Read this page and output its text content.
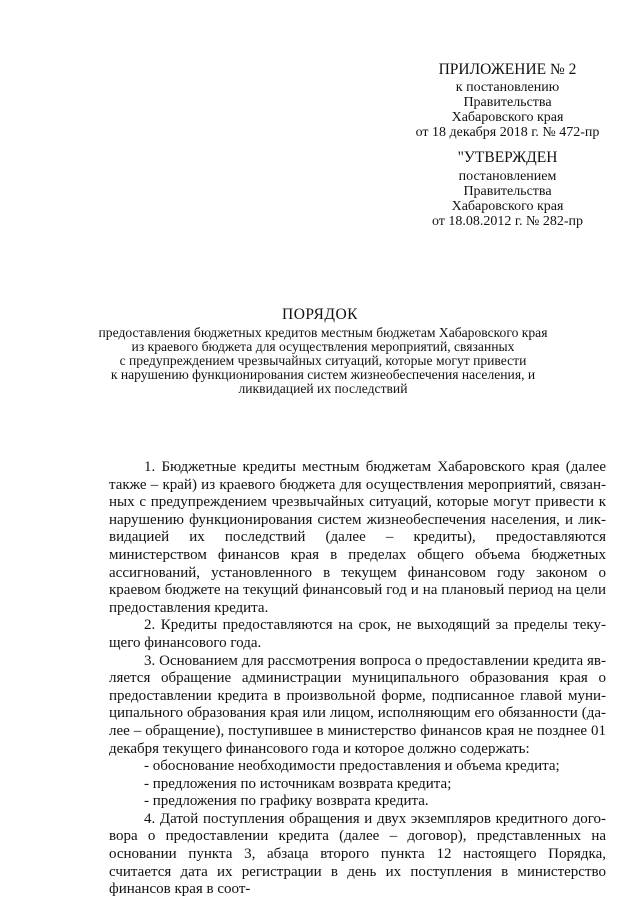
ПРИЛОЖЕНИЕ № 2
к постановлению
Правительства
Хабаровского края
от 18 декабря 2018 г. № 472-пр
"УТВЕРЖДЕН
постановлением
Правительства
Хабаровского края
от 18.08.2012 г. № 282-пр
ПОРЯДОК
предоставления бюджетных кредитов местным бюджетам Хабаровского края
из краевого бюджета для осуществления мероприятий, связанных
с предупреждением чрезвычайных ситуаций, которые могут привести
к нарушению функционирования систем жизнеобеспечения населения, и
ликвидацией их последствий

1. Бюджетные кредиты местным бюджетам Хабаровского края (далее также – край) из краевого бюджета для осуществления мероприятий, связанных с предупреждением чрезвычайных ситуаций, которые могут привести к нарушению функционирования систем жизнеобеспечения населения, и ликвидацией их последствий (далее – кредиты), предоставляются министерством финансов края в пределах общего объема бюджетных ассигнований, установленного в текущем финансовом году законом о краевом бюджете на текущий финансовый год и на плановый период на цели предоставления кредита.

2. Кредиты предоставляются на срок, не выходящий за пределы текущего финансового года.

3. Основанием для рассмотрения вопроса о предоставлении кредита является обращение администрации муниципального образования края о предоставлении кредита в произвольной форме, подписанное главой муниципального образования края или лицом, исполняющим его обязанности (далее – обращение), поступившее в министерство финансов края не позднее 01 декабря текущего финансового года и которое должно содержать:

- обоснование необходимости предоставления и объема кредита;

- предложения по источникам возврата кредита;

- предложения по графику возврата кредита.

4. Датой поступления обращения и двух экземпляров кредитного договора о предоставлении кредита (далее – договор), представленных на основании пункта 3, абзаца второго пункта 12 настоящего Порядка, считается дата их регистрации в день их поступления в министерство финансов края в соот-
